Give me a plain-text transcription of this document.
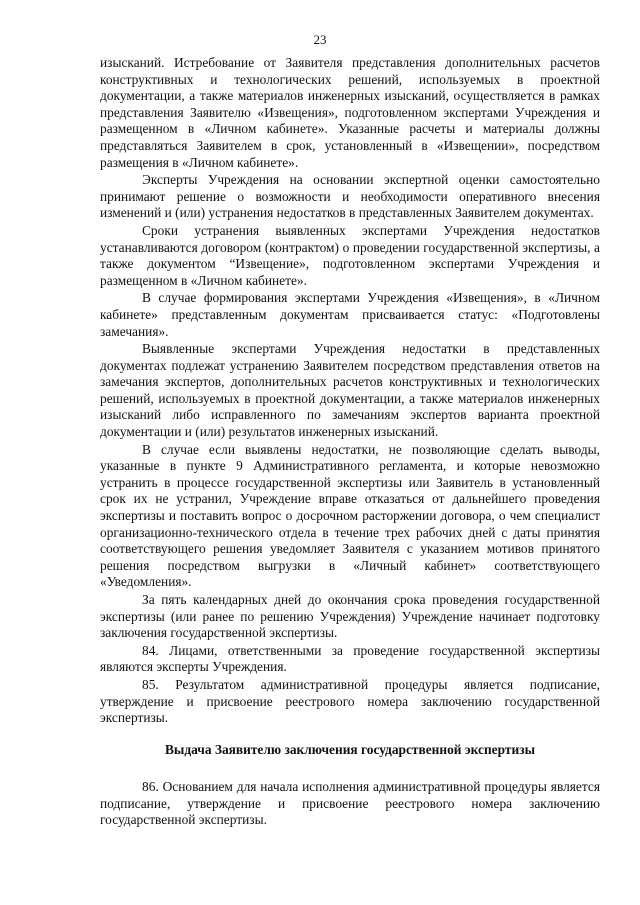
23

изысканий. Истребование от Заявителя представления дополнительных расчетов конструктивных и технологических решений, используемых в проектной документации, а также материалов инженерных изысканий, осуществляется в рамках представления Заявителю «Извещения», подготовленном экспертами Учреждения и размещенном в «Личном кабинете». Указанные расчеты и материалы должны представляться Заявителем в срок, установленный в «Извещении», посредством размещения в «Личном кабинете».

Эксперты Учреждения на основании экспертной оценки самостоятельно принимают решение о возможности и необходимости оперативного внесения изменений и (или) устранения недостатков в представленных Заявителем документах.

Сроки устранения выявленных экспертами Учреждения недостатков устанавливаются договором (контрактом) о проведении государственной экспертизы, а также документом “Извещение», подготовленном экспертами Учреждения и размещенном в «Личном кабинете».

В случае формирования экспертами Учреждения «Извещения», в «Личном кабинете» представленным документам присваивается статус: «Подготовлены замечания».

Выявленные экспертами Учреждения недостатки в представленных документах подлежат устранению Заявителем посредством представления ответов на замечания экспертов, дополнительных расчетов конструктивных и технологических решений, используемых в проектной документации, а также материалов инженерных изысканий либо исправленного по замечаниям экспертов варианта проектной документации и (или) результатов инженерных изысканий.

В случае если выявлены недостатки, не позволяющие сделать выводы, указанные в пункте 9 Административного регламента, и которые невозможно устранить в процессе государственной экспертизы или Заявитель в установленный срок их не устранил, Учреждение вправе отказаться от дальнейшего проведения экспертизы и поставить вопрос о досрочном расторжении договора, о чем специалист организационно-технического отдела в течение трех рабочих дней с даты принятия соответствующего решения уведомляет Заявителя с указанием мотивов принятого решения посредством выгрузки в «Личный кабинет» соответствующего «Уведомления».

За пять календарных дней до окончания срока проведения государственной экспертизы (или ранее по решению Учреждения) Учреждение начинает подготовку заключения государственной экспертизы.

84. Лицами, ответственными за проведение государственной экспертизы являются эксперты Учреждения.

85. Результатом административной процедуры является подписание, утверждение и присвоение реестрового номера заключению государственной экспертизы.

Выдача Заявителю заключения государственной экспертизы

86. Основанием для начала исполнения административной процедуры является подписание, утверждение и присвоение реестрового номера заключению государственной экспертизы.
